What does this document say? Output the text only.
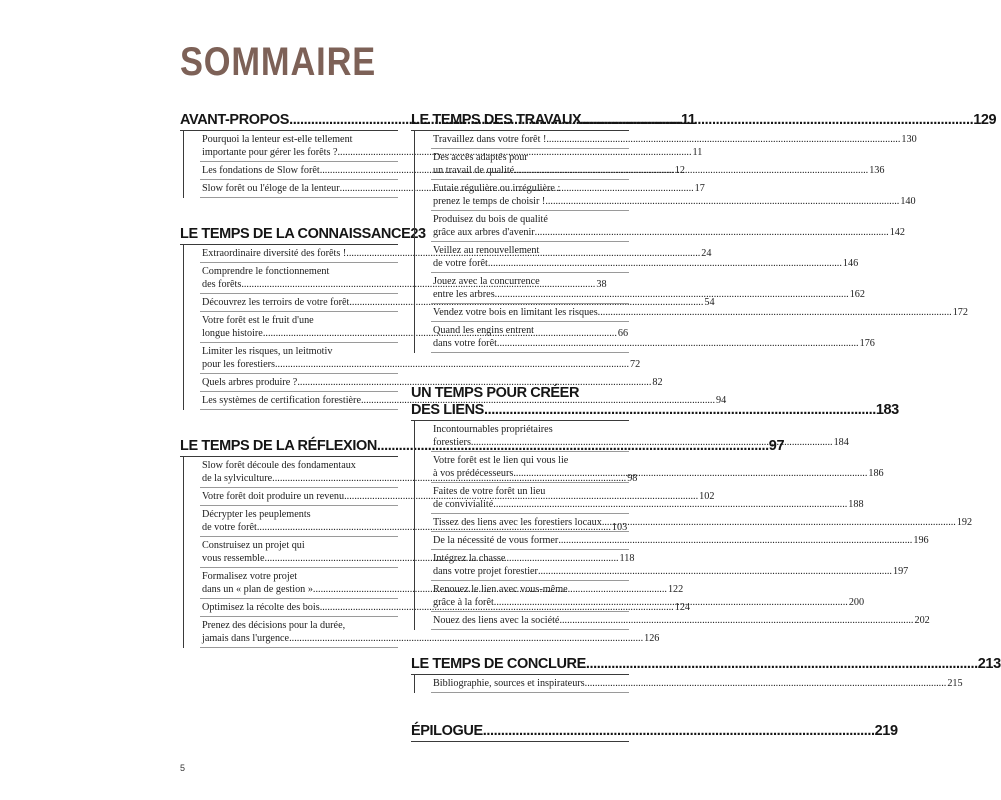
SOMMAIRE
AVANT-PROPOS .....	11
Pourquoi la lenteur est-elle tellement
importante pour gérer les forêts ? .....	11
Les fondations de Slow forêt .....	12
Slow forêt ou l'éloge de la lenteur .....	17
LE TEMPS DE LA CONNAISSANCE 23
Extraordinaire diversité des forêts ! .....	24
Comprendre le fonctionnement
des forêts .....	38
Découvrez les terroirs de votre forêt .....	54
Votre forêt est le fruit d'une
longue histoire .....	66
Limiter les risques, un leitmotiv
pour les forestiers .....	72
Quels arbres produire ? .....	82
Les systèmes de certification forestière .....	94
LE TEMPS DE LA RÉFLEXION .....	97
Slow forêt découle des fondamentaux
de la sylviculture .....	98
Votre forêt doit produire un revenu .....	102
Décrypter les peuplements
de votre forêt .....	103
Construisez un projet qui
vous ressemble .....	118
Formalisez votre projet
dans un « plan de gestion » .....	122
Optimisez la récolte des bois .....	124
Prenez des décisions pour la durée,
jamais dans l'urgence .....	126
LE TEMPS DES TRAVAUX .....	129
Travaillez dans votre forêt ! .....	130
Des accès adaptés pour
un travail de qualité .....	136
Futaie régulière ou irrégulière :
prenez le temps de choisir ! .....	140
Produisez du bois de qualité
grâce aux arbres d'avenir .....	142
Veillez au renouvellement
de votre forêt .....	146
Jouez avec la concurrence
entre les arbres .....	162
Vendez votre bois en limitant les risques .....	172
Quand les engins entrent
dans votre forêt... .....	176
UN TEMPS POUR CRÉER
DES LIENS .....	183
Incontournables propriétaires
forestiers... .....	184
Votre forêt est le lien qui vous lie
à vos prédécesseurs .....	186
Faites de votre forêt un lieu
de convivialité .....	188
Tissez des liens avec les forestiers locaux .....	192
De la nécessité de vous former .....	196
Intégrez la chasse
dans votre projet forestier .....	197
Renouez le lien avec vous-même
grâce à la forêt .....	200
Nouez des liens avec la société .....	202
LE TEMPS DE CONCLURE .....	213
Bibliographie, sources et inspirateurs... .....	215
ÉPILOGUE .....	219
5
